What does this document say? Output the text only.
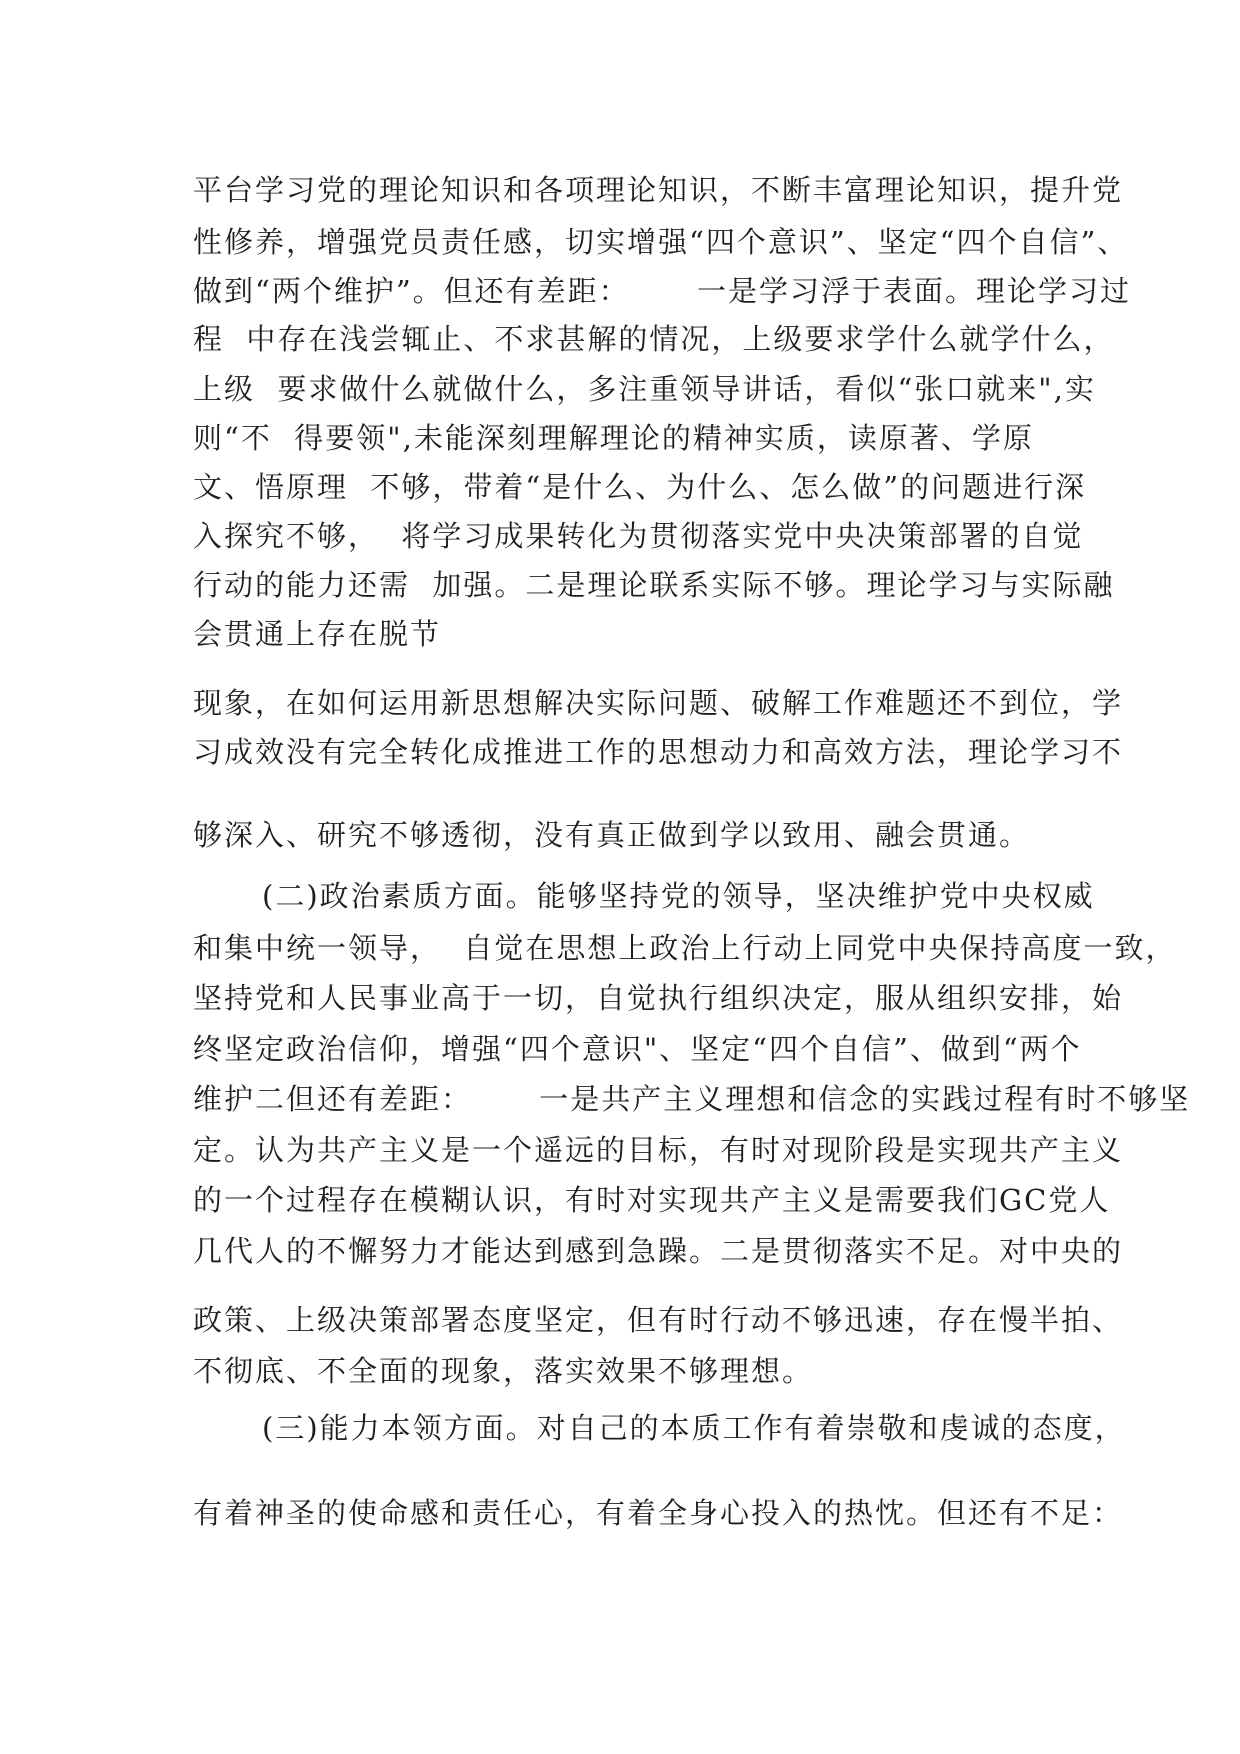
平台学习党的理论知识和各项理论知识，不断丰富理论知识，提升党
性修养，增强党员责任感，切实增强“四个意识”、坚定“四个自信”、
做到“两个维护”。但还有差距：      一是学习浮于表面。理论学习过
程  中存在浅尝辄止、不求甚解的情况，上级要求学什么就学什么，
上级  要求做什么就做什么，多注重领导讲话，看似“张口就来",实
则“不  得要领",未能深刻理解理论的精神实质，读原著、学原
文、悟原理  不够，带着“是什么、为什么、怎么做”的问题进行深
入探究不够，  将学习成果转化为贯彻落实党中央决策部署的自觉
行动的能力还需  加强。二是理论联系实际不够。理论学习与实际融
会贯通上存在脱节
现象，在如何运用新思想解决实际问题、破解工作难题还不到位，学
习成效没有完全转化成推进工作的思想动力和高效方法，理论学习不
够深入、研究不够透彻，没有真正做到学以致用、融会贯通。
(二)政治素质方面。能够坚持党的领导，坚决维护党中央权威
和集中统一领导，  自觉在思想上政治上行动上同党中央保持高度一致，
坚持党和人民事业高于一切，自觉执行组织决定，服从组织安排，始
终坚定政治信仰，增强“四个意识"、坚定“四个自信”、做到“两个
维护二但还有差距：      一是共产主义理想和信念的实践过程有时不够坚
定。认为共产主义是一个遥远的目标，有时对现阶段是实现共产主义
的一个过程存在模糊认识，有时对实现共产主义是需要我们GC党人
几代人的不懈努力才能达到感到急躁。二是贯彻落实不足。对中央的
政策、上级决策部署态度坚定，但有时行动不够迅速，存在慢半拍、
不彻底、不全面的现象，落实效果不够理想。
(三)能力本领方面。对自己的本质工作有着崇敬和虔诚的态度，
有着神圣的使命感和责任心，有着全身心投入的热忱。但还有不足：
